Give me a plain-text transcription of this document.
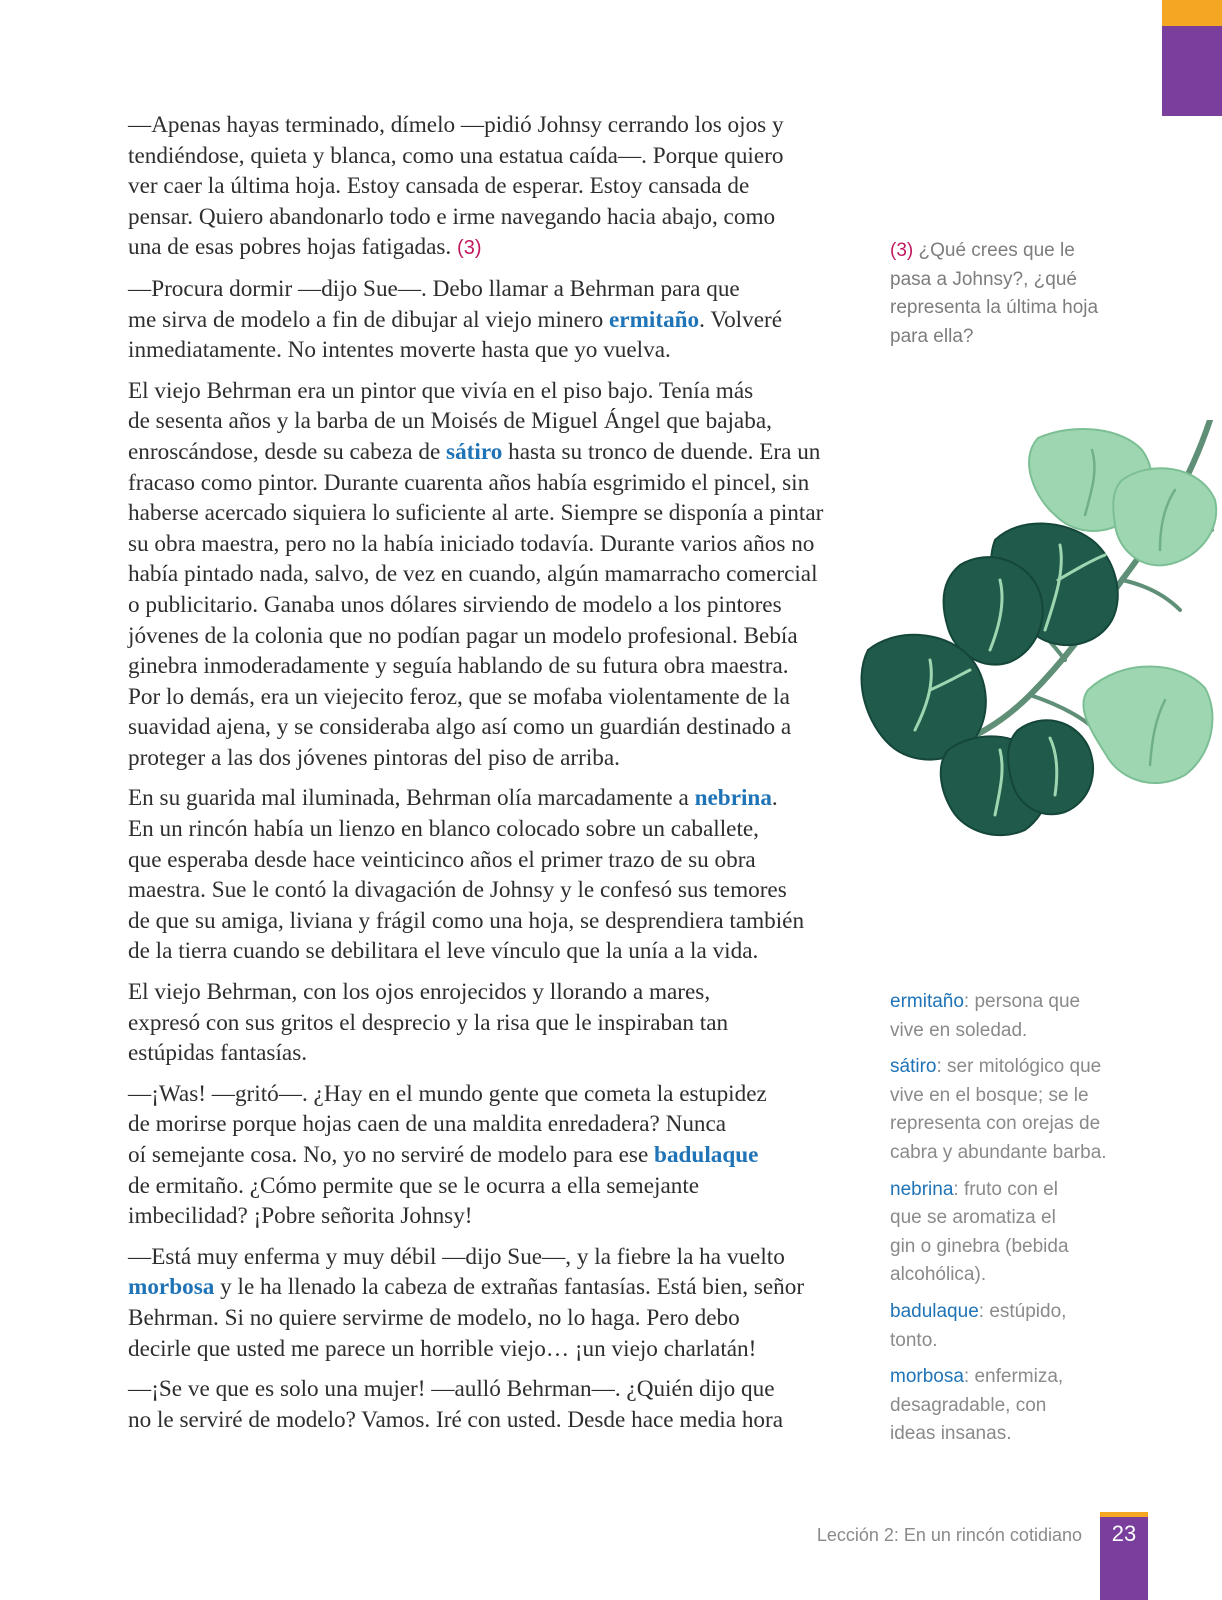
—Apenas hayas terminado, dímelo —pidió Johnsy cerrando los ojos y
tendiéndose, quieta y blanca, como una estatua caída—. Porque quiero
ver caer la última hoja. Estoy cansada de esperar. Estoy cansada de
pensar. Quiero abandonarlo todo e irme navegando hacia abajo, como
una de esas pobres hojas fatigadas. (3)

—Procura dormir —dijo Sue—. Debo llamar a Behrman para que
me sirva de modelo a fin de dibujar al viejo minero ermitaño. Volveré
inmediatamente. No intentes moverte hasta que yo vuelva.

El viejo Behrman era un pintor que vivía en el piso bajo. Tenía más
de sesenta años y la barba de un Moisés de Miguel Ángel que bajaba,
enroscándose, desde su cabeza de sátiro hasta su tronco de duende. Era un
fracaso como pintor. Durante cuarenta años había esgrimido el pincel, sin
haberse acercado siquiera lo suficiente al arte. Siempre se disponía a pintar
su obra maestra, pero no la había iniciado todavía. Durante varios años no
había pintado nada, salvo, de vez en cuando, algún mamarracho comercial
o publicitario. Ganaba unos dólares sirviendo de modelo a los pintores
jóvenes de la colonia que no podían pagar un modelo profesional. Bebía
ginebra inmoderadamente y seguía hablando de su futura obra maestra.
Por lo demás, era un viejecito feroz, que se mofaba violentamente de la
suavidad ajena, y se consideraba algo así como un guardián destinado a
proteger a las dos jóvenes pintoras del piso de arriba.

En su guarida mal iluminada, Behrman olía marcadamente a nebrina.
En un rincón había un lienzo en blanco colocado sobre un caballete,
que esperaba desde hace veinticinco años el primer trazo de su obra
maestra. Sue le contó la divagación de Johnsy y le confesó sus temores
de que su amiga, liviana y frágil como una hoja, se desprendiera también
de la tierra cuando se debilitara el leve vínculo que la unía a la vida.

El viejo Behrman, con los ojos enrojecidos y llorando a mares,
expresó con sus gritos el desprecio y la risa que le inspiraban tan
estúpidas fantasías.

—¡Was! —gritó—. ¿Hay en el mundo gente que cometa la estupidez
de morirse porque hojas caen de una maldita enredadera? Nunca
oí semejante cosa. No, yo no serviré de modelo para ese badulaque
de ermitaño. ¿Cómo permite que se le ocurra a ella semejante
imbecilidad? ¡Pobre señorita Johnsy!

—Está muy enferma y muy débil —dijo Sue—, y la fiebre la ha vuelto
morbosa y le ha llenado la cabeza de extrañas fantasías. Está bien, señor
Behrman. Si no quiere servirme de modelo, no lo haga. Pero debo
decirle que usted me parece un horrible viejo… ¡un viejo charlatán!

—¡Se ve que es solo una mujer! —aulló Behrman—. ¿Quién dijo que
no le serviré de modelo? Vamos. Iré con usted. Desde hace media hora

(3) ¿Qué crees que le
pasa a Johnsy?, ¿qué
representa la última hoja
para ella?
ermitaño: persona que
vive en soledad.
sátiro: ser mitológico que
vive en el bosque; se le
representa con orejas de
cabra y abundante barba.
nebrina: fruto con el
que se aromatiza el
gin o ginebra (bebida
alcohólica).
badulaque: estúpido,
tonto.
morbosa: enfermiza,
desagradable, con
ideas insanas.
Lección 2: En un rincón cotidiano	23
